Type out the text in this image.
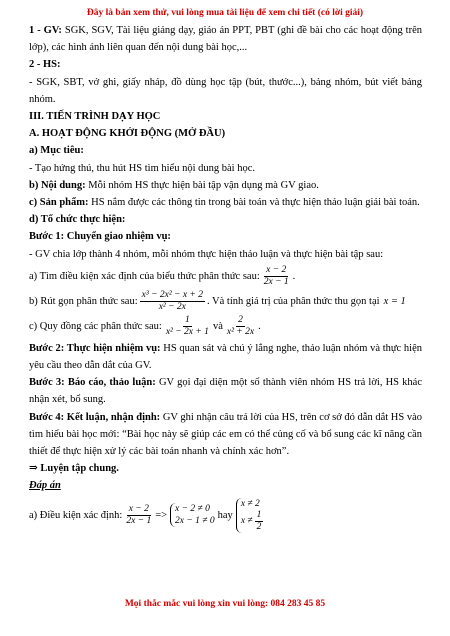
Đây là bản xem thử, vui lòng mua tài liệu để xem chi tiết (có lời giải)

1 - GV: SGK, SGV, Tài liệu giảng dạy, giáo án PPT, PBT (ghi đề bài cho các hoạt động trên lớp), các hình ảnh liên quan đến nội dung bài học,...

2 - HS:

- SGK, SBT, vở ghi, giấy nháp, đồ dùng học tập (bút, thước...), bảng nhóm, bút viết bảng nhóm.

III. TIẾN TRÌNH DẠY HỌC

A. HOẠT ĐỘNG KHỞI ĐỘNG (MỞ ĐẦU)

a) Mục tiêu:

- Tạo hứng thú, thu hút HS tìm hiểu nội dung bài học.

b) Nội dung: Mỗi nhóm HS thực hiện bài tập vận dụng mà GV giao.

c) Sản phẩm: HS nắm được các thông tin trong bài toán và thực hiện thảo luận giải bài toán.

d) Tổ chức thực hiện:

Bước 1: Chuyển giao nhiệm vụ:

- GV chia lớp thành 4 nhóm, mỗi nhóm thực hiện thảo luận và thực hiện bài tập sau:

a) Tìm điều kiện xác định của biểu thức phân thức sau: $\frac{x - 2}{2x - 1}$ .
b) Rút gọn phân thức sau: $\frac{\text{x³ − 2x² − x + 2}}{\text{x² − 2x}}$ . Và tính giá trị của phân thức thu gọn tại x = 1
c) Quy đồng các phân thức sau: $\frac{1}{\text{x² − 2x + 1}}$ và $\frac{2}{\text{x² + 2x}}$ .

Bước 2: Thực hiện nhiệm vụ: HS quan sát và chú ý lắng nghe, thảo luận nhóm và thực hiện yêu cầu theo dẫn dắt của GV.

Bước 3: Báo cáo, thảo luận: GV gọi đại diện một số thành viên nhóm HS trả lời, HS khác nhận xét, bổ sung.

Bước 4: Kết luận, nhận định: GV ghi nhận câu trả lời của HS, trên cơ sở đó dẫn dắt HS vào tìm hiểu bài học mới: “Bài học này sẽ giúp các em có thể củng cố và bổ sung các kĩ năng cần thiết để thực hiện xử lý các bài toán nhanh và chính xác hơn”.

⇒ Luyện tập chung.

Đáp án

a) Điều kiện xác định: $\frac{x - 2}{2x - 1}$ =>
x − 2 ≠ 0
2x − 1 ≠ 0
hay
x ≠ 2
$x \ne \frac{1}{2}$
Mọi thắc mắc vui lòng xin vui lòng: 084 283 45 85
